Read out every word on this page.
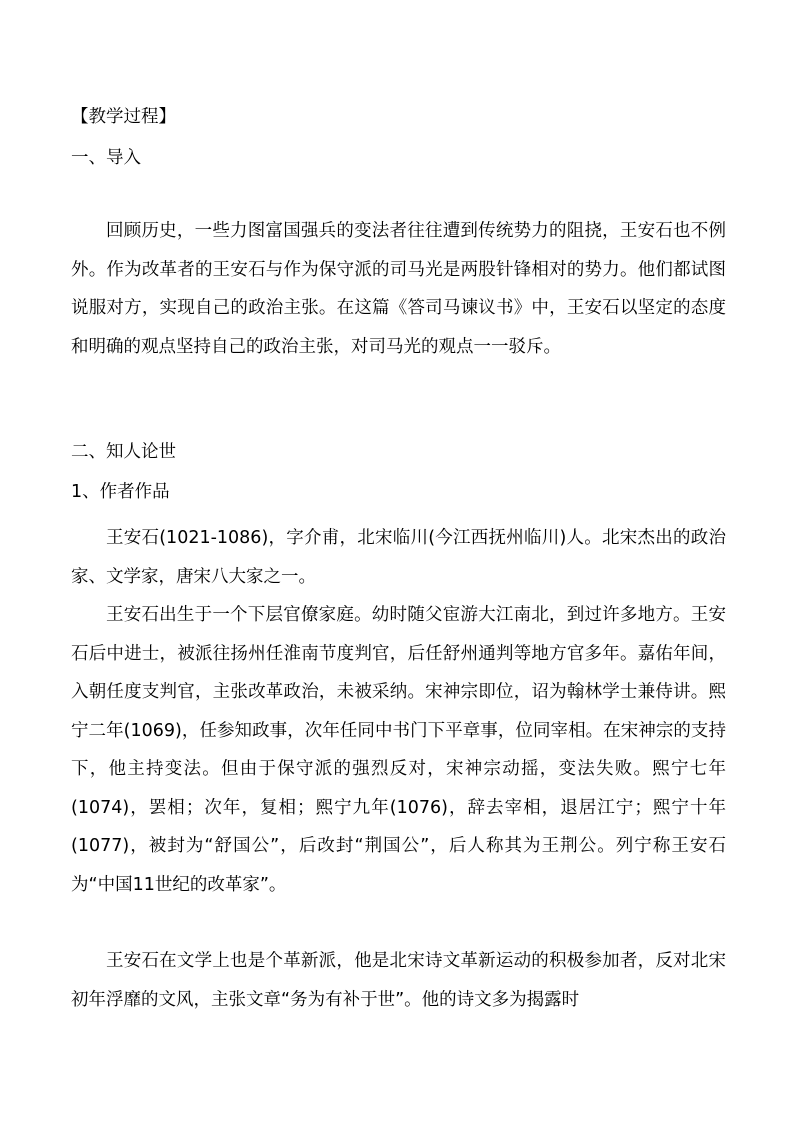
【教学过程】
一、导入

回顾历史，一些力图富国强兵的变法者往往遭到传统势力的阻挠，王安石也不例外。作为改革者的王安石与作为保守派的司马光是两股针锋相对的势力。他们都试图说服对方，实现自己的政治主张。在这篇《答司马谏议书》中，王安石以坚定的态度和明确的观点坚持自己的政治主张，对司马光的观点一一驳斥。

二、知人论世
1、作者作品

王安石(1021-1086)，字介甫，北宋临川(今江西抚州临川)人。北宋杰出的政治家、文学家，唐宋八大家之一。

王安石出生于一个下层官僚家庭。幼时随父宦游大江南北，到过许多地方。王安石后中进士，被派往扬州任淮南节度判官，后任舒州通判等地方官多年。嘉佑年间，入朝任度支判官，主张改革政治，未被采纳。宋神宗即位，诏为翰林学士兼侍讲。熙宁二年(1069)，任参知政事，次年任同中书门下平章事，位同宰相。在宋神宗的支持下，他主持变法。但由于保守派的强烈反对，宋神宗动摇，变法失败。熙宁七年(1074)，罢相；次年，复相；熙宁九年(1076)，辞去宰相，退居江宁；熙宁十年(1077)，被封为“舒国公”，后改封“荆国公”，后人称其为王荆公。列宁称王安石为“中国11世纪的改革家”。

王安石在文学上也是个革新派，他是北宋诗文革新运动的积极参加者，反对北宋初年浮靡的文风，主张文章“务为有补于世”。他的诗文多为揭露时
